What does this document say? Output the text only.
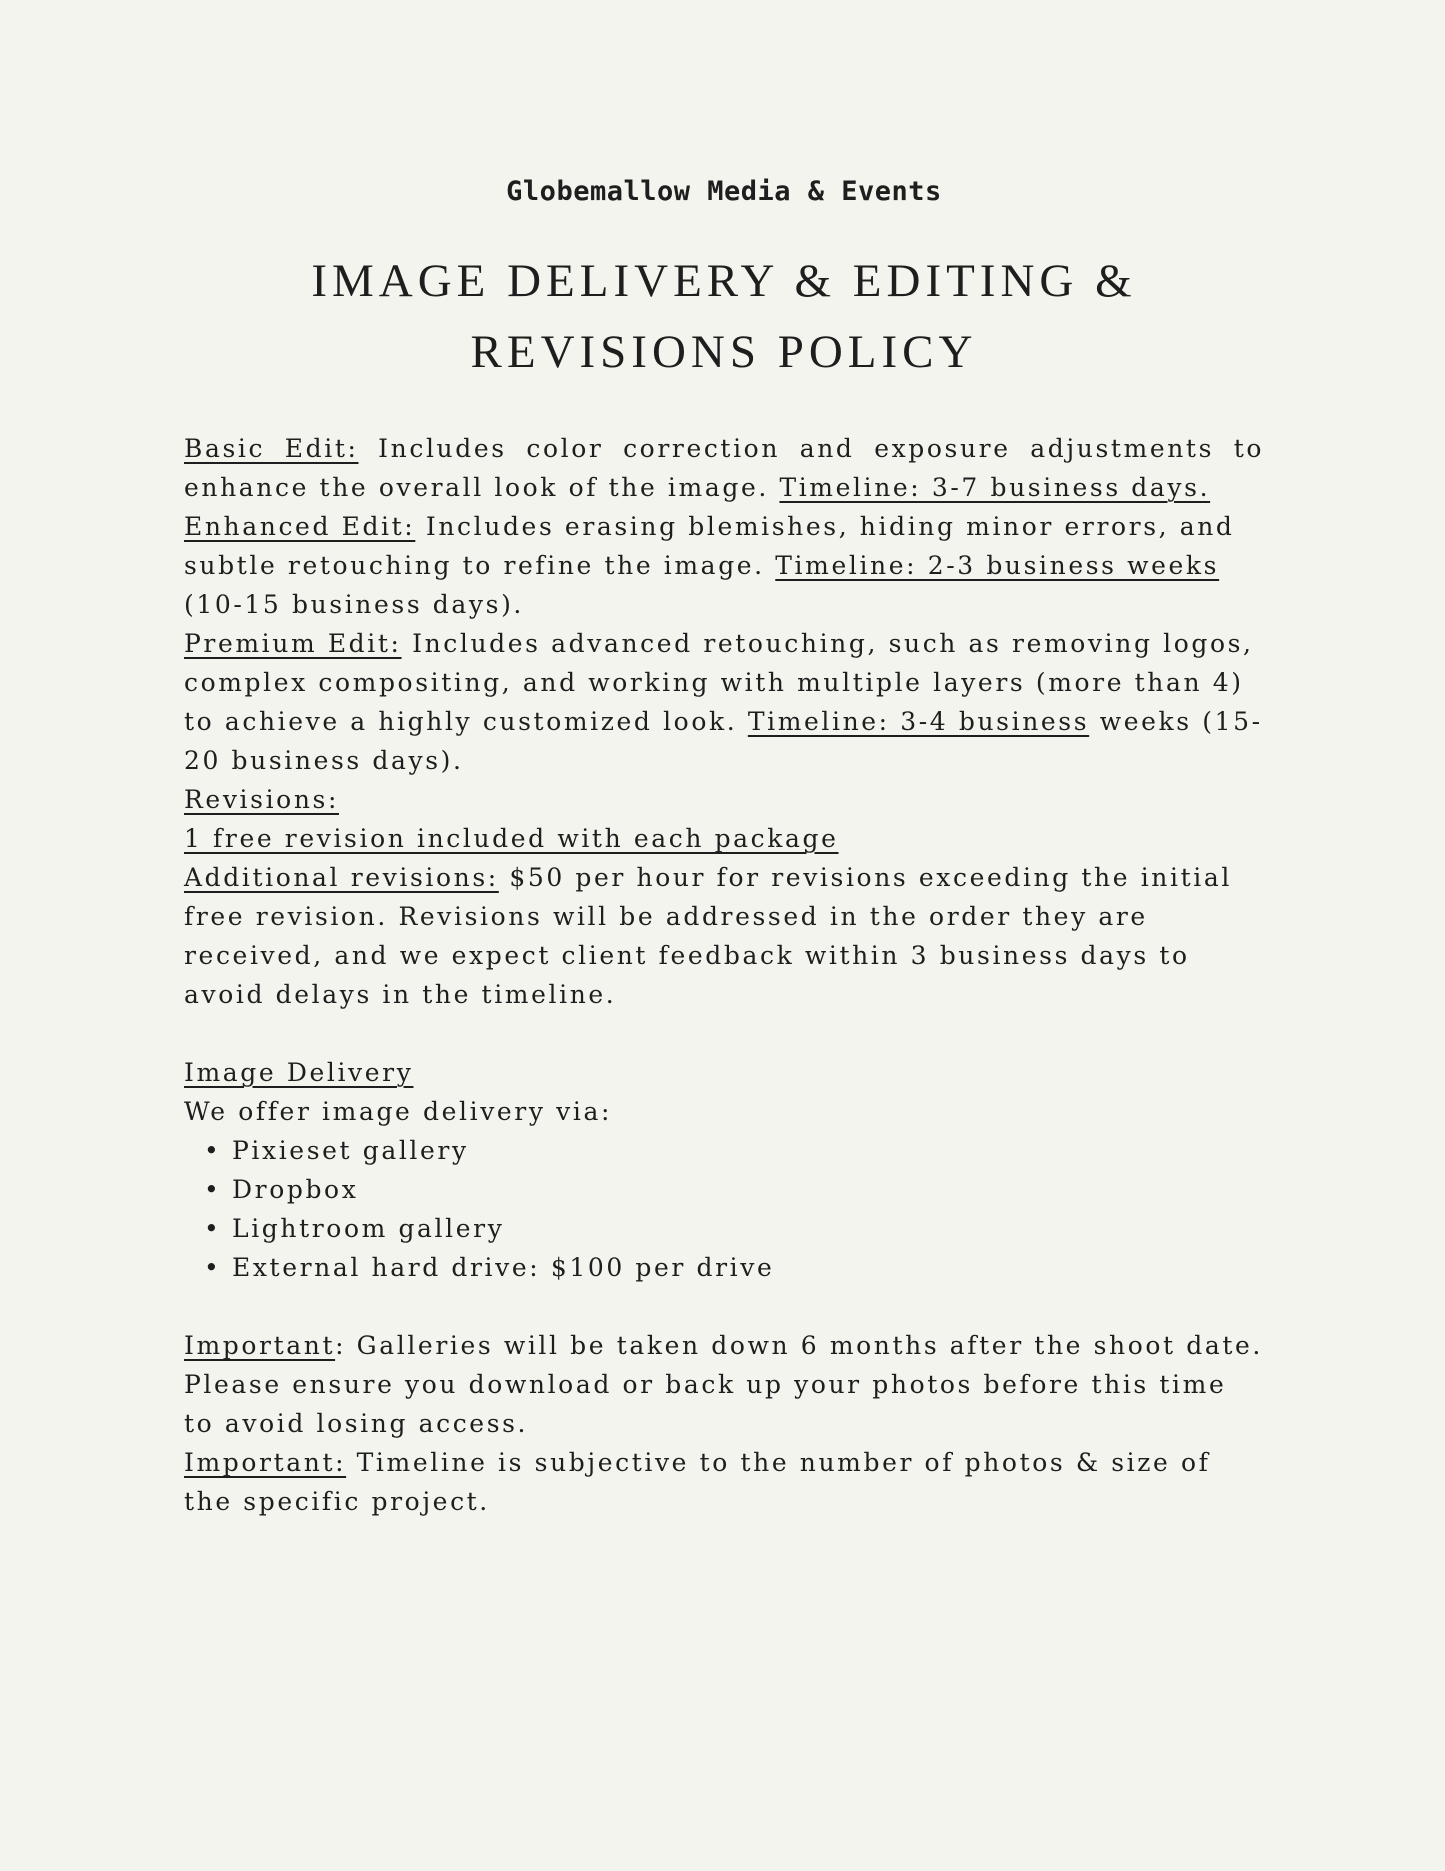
Globemallow Media & Events
IMAGE DELIVERY & EDITING &
REVISIONS POLICY

Basic Edit: Includes color correction and exposure adjustments to enhance the overall look of the image. Timeline: 3-7 business days.

Enhanced Edit: Includes erasing blemishes, hiding minor errors, and subtle retouching to refine the image. Timeline: 2-3 business weeks (10-15 business days).

Premium Edit: Includes advanced retouching, such as removing logos, complex compositing, and working with multiple layers (more than 4) to achieve a highly customized look. Timeline: 3-4 business weeks (15-20 business days).

Revisions:

1 free revision included with each package

Additional revisions: $50 per hour for revisions exceeding the initial free revision. Revisions will be addressed in the order they are received, and we expect client feedback within 3 business days to avoid delays in the timeline.

Image Delivery

We offer image delivery via:

• Pixieset gallery
• Dropbox
• Lightroom gallery
• External hard drive: $100 per drive

Important: Galleries will be taken down 6 months after the shoot date. Please ensure you download or back up your photos before this time to avoid losing access.

Important: Timeline is subjective to the number of photos & size of the specific project.
